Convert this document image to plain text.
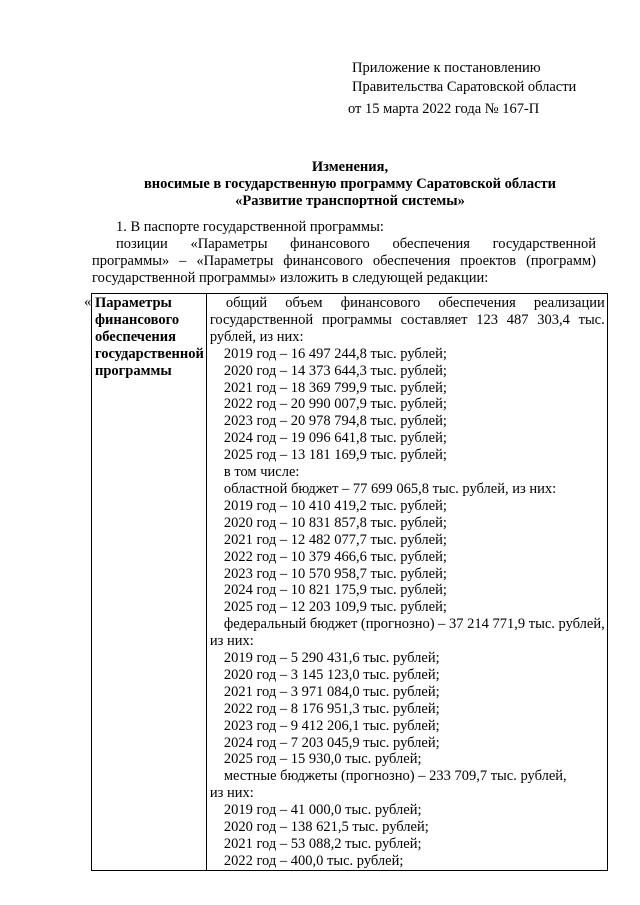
Приложение к постановлению
Правительства Саратовской области
от 15 марта 2022 года № 167-П
Изменения,
вносимые в государственную программу Саратовской области
«Развитие транспортной системы»
1. В паспорте государственной программы:
позиции «Параметры финансового обеспечения государственной программы» – «Параметры финансового обеспечения проектов (программ) государственной программы» изложить в следующей редакции:
« Параметры
финансового
обеспечения
государственной
программы

общий объем финансового обеспечения реализации государственной программы составляет 123 487 303,4 тыс. рублей, из них:
2019 год – 16 497 244,8 тыс. рублей;
2020 год – 14 373 644,3 тыс. рублей;
2021 год – 18 369 799,9 тыс. рублей;
2022 год – 20 990 007,9 тыс. рублей;
2023 год – 20 978 794,8 тыс. рублей;
2024 год – 19 096 641,8 тыс. рублей;
2025 год – 13 181 169,9 тыс. рублей;
в том числе:
областной бюджет – 77 699 065,8 тыс. рублей, из них:
2019 год – 10 410 419,2 тыс. рублей;
2020 год – 10 831 857,8 тыс. рублей;
2021 год – 12 482 077,7 тыс. рублей;
2022 год – 10 379 466,6 тыс. рублей;
2023 год – 10 570 958,7 тыс. рублей;
2024 год – 10 821 175,9 тыс. рублей;
2025 год – 12 203 109,9 тыс. рублей;
федеральный бюджет (прогнозно) – 37 214 771,9 тыс. рублей,
из них:
2019 год – 5 290 431,6 тыс. рублей;
2020 год – 3 145 123,0 тыс. рублей;
2021 год – 3 971 084,0 тыс. рублей;
2022 год – 8 176 951,3 тыс. рублей;
2023 год – 9 412 206,1 тыс. рублей;
2024 год – 7 203 045,9 тыс. рублей;
2025 год – 15 930,0 тыс. рублей;
местные бюджеты (прогнозно) – 233 709,7 тыс. рублей,
из них:
2019 год – 41 000,0 тыс. рублей;
2020 год – 138 621,5 тыс. рублей;
2021 год – 53 088,2 тыс. рублей;
2022 год – 400,0 тыс. рублей;
